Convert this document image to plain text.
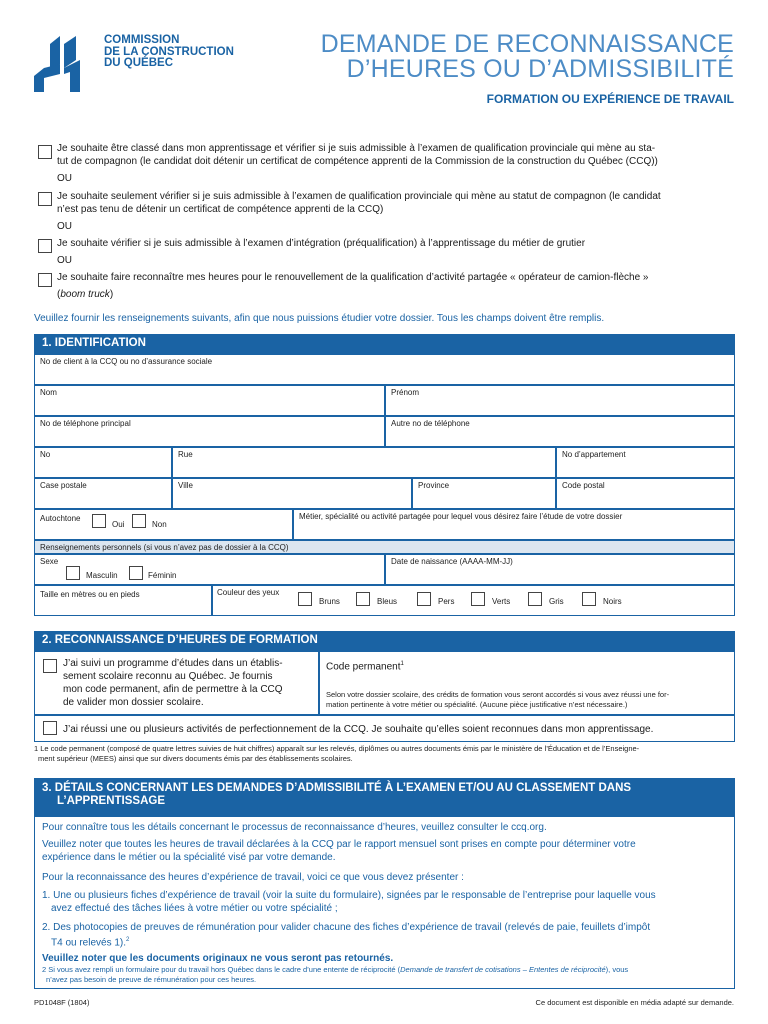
COMMISSION
DE LA CONSTRUCTION
DU QUÉBEC
DEMANDE DE RECONNAISSANCE
D’HEURES OU D’ADMISSIBILITÉ
FORMATION OU EXPÉRIENCE DE TRAVAIL
Je souhaite être classé dans mon apprentissage et vérifier si je suis admissible à l’examen de qualification provinciale qui mène au sta-
tut de compagnon (le candidat doit détenir un certificat de compétence apprenti de la Commission de la construction du Québec (CCQ))
OU
Je souhaite seulement vérifier si je suis admissible à l’examen de qualification provinciale qui mène au statut de compagnon (le candidat
n’est pas tenu de détenir un certificat de compétence apprenti de la CCQ)
OU
Je souhaite vérifier si je suis admissible à l’examen d’intégration (préqualification) à l’apprentissage du métier de grutier
OU
Je souhaite faire reconnaître mes heures pour le renouvellement de la qualification d’activité partagée « opérateur de camion-flèche »
(boom truck)
Veuillez fournir les renseignements suivants, afin que nous puissions étudier votre dossier. Tous les champs doivent être remplis.
1. IDENTIFICATION
No de client à la CCQ ou no d’assurance sociale
Nom	Prénom
No de téléphone principal	Autre no de téléphone
No	Rue	No d’appartement
Case postale	Ville	Province	Code postal
Autochtone
Oui	Non
Métier, spécialité ou activité partagée pour lequel vous désirez faire l’étude de votre dossier
Renseignements personnels (si vous n’avez pas de dossier à la CCQ)
Sexe
Masculin	Féminin
Date de naissance (AAAA-MM-JJ)
Taille en mètres ou en pieds	Couleur des yeux
Bruns	Bleus	Pers	Verts	Gris	Noirs
2. RECONNAISSANCE D’HEURES DE FORMATION
J’ai suivi un programme d’études dans un établis-
sement scolaire reconnu au Québec. Je fournis
mon code permanent, afin de permettre à la CCQ
de valider mon dossier scolaire.
Code permanent$^1$
Selon votre dossier scolaire, des crédits de formation vous seront accordés si vous avez réussi une for-
mation pertinente à votre métier ou spécialité. (Aucune pièce justificative n’est nécessaire.)
J’ai réussi une ou plusieurs activités de perfectionnement de la CCQ. Je souhaite qu’elles soient reconnues dans mon apprentissage.
1 Le code permanent (composé de quatre lettres suivies de huit chiffres) apparaît sur les relevés, diplômes ou autres documents émis par le ministère de l’Éducation et de l’Enseigne-
ment supérieur (MEES) ainsi que sur divers documents émis par des établissements scolaires.
3. DÉTAILS CONCERNANT LES DEMANDES D’ADMISSIBILITÉ À L’EXAMEN ET/OU AU CLASSEMENT DANS
L’APPRENTISSAGE
Pour connaître tous les détails concernant le processus de reconnaissance d’heures, veuillez consulter le ccq.org.
Veuillez noter que toutes les heures de travail déclarées à la CCQ par le rapport mensuel sont prises en compte pour déterminer votre
expérience dans le métier ou la spécialité visé par votre demande.
Pour la reconnaissance des heures d’expérience de travail, voici ce que vous devez présenter :
1. Une ou plusieurs fiches d’expérience de travail (voir la suite du formulaire), signées par le responsable de l’entreprise pour laquelle vous
avez effectué des tâches liées à votre métier ou votre spécialité ;
2. Des photocopies de preuves de rémunération pour valider chacune des fiches d’expérience de travail (relevés de paie, feuillets d’impôt
T4 ou relevés 1).$^2$
Veuillez noter que les documents originaux ne vous seront pas retournés.
2 Si vous avez rempli un formulaire pour du travail hors Québec dans le cadre d’une entente de réciprocité (Demande de transfert de cotisations – Ententes de réciprocité), vous
n’avez pas besoin de preuve de rémunération pour ces heures.
PD1048F (1804)	Ce document est disponible en média adapté sur demande.
